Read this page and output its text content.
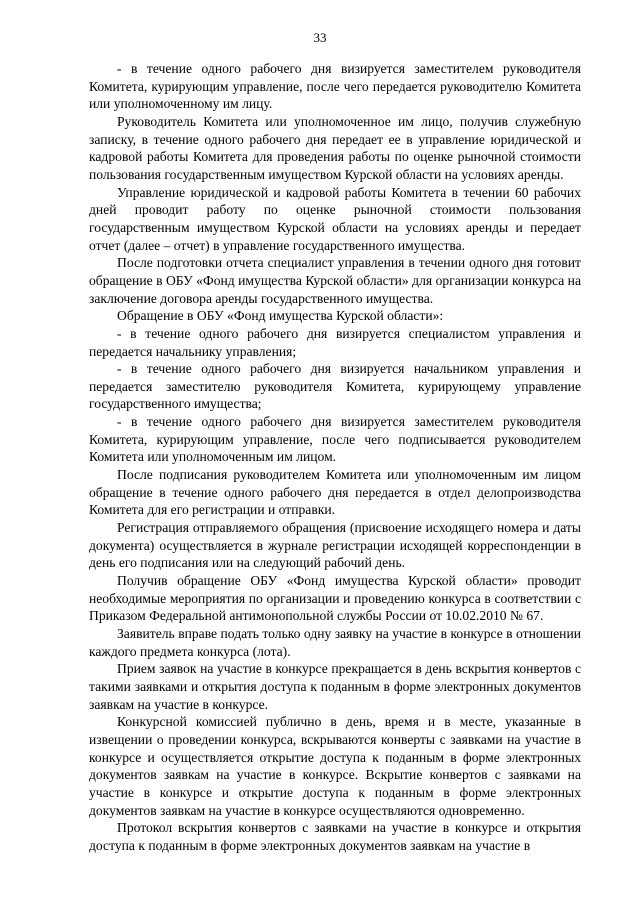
33

- в течение одного рабочего дня визируется заместителем руководителя Комитета, курирующим управление, после чего передается руководителю Комитета или уполномоченному им лицу.

Руководитель Комитета или уполномоченное им лицо, получив служебную записку, в течение одного рабочего дня передает ее в управление юридической и кадровой работы Комитета для проведения работы по оценке рыночной стоимости пользования государственным имуществом Курской области на условиях аренды.

Управление юридической и кадровой работы Комитета в течении 60 рабочих дней проводит работу по оценке рыночной стоимости пользования государственным имуществом Курской области на условиях аренды и передает отчет (далее – отчет) в управление государственного имущества.

После подготовки отчета специалист управления в течении одного дня готовит обращение в ОБУ «Фонд имущества Курской области» для организации конкурса на заключение договора аренды государственного имущества.

Обращение в ОБУ «Фонд имущества Курской области»:

- в течение одного рабочего дня визируется специалистом управления и передается начальнику управления;

- в течение одного рабочего дня визируется начальником управления и передается заместителю руководителя Комитета, курирующему управление государственного имущества;

- в течение одного рабочего дня визируется заместителем руководителя Комитета, курирующим управление, после чего подписывается руководителем Комитета или уполномоченным им лицом.

После подписания руководителем Комитета или уполномоченным им лицом обращение в течение одного рабочего дня передается в отдел делопроизводства Комитета для его регистрации и отправки.

Регистрация отправляемого обращения (присвоение исходящего номера и даты документа) осуществляется в журнале регистрации исходящей корреспонденции в день его подписания или на следующий рабочий день.

Получив обращение ОБУ «Фонд имущества Курской области» проводит необходимые мероприятия по организации и проведению конкурса в соответствии с Приказом Федеральной антимонопольной службы России от 10.02.2010 № 67.

Заявитель вправе подать только одну заявку на участие в конкурсе в отношении каждого предмета конкурса (лота).

Прием заявок на участие в конкурсе прекращается в день вскрытия конвертов с такими заявками и открытия доступа к поданным в форме электронных документов заявкам на участие в конкурсе.

Конкурсной комиссией публично в день, время и в месте, указанные в извещении о проведении конкурса, вскрываются конверты с заявками на участие в конкурсе и осуществляется открытие доступа к поданным в форме электронных документов заявкам на участие в конкурсе. Вскрытие конвертов с заявками на участие в конкурсе и открытие доступа к поданным в форме электронных документов заявкам на участие в конкурсе осуществляются одновременно.

Протокол вскрытия конвертов с заявками на участие в конкурсе и открытия доступа к поданным в форме электронных документов заявкам на участие в
